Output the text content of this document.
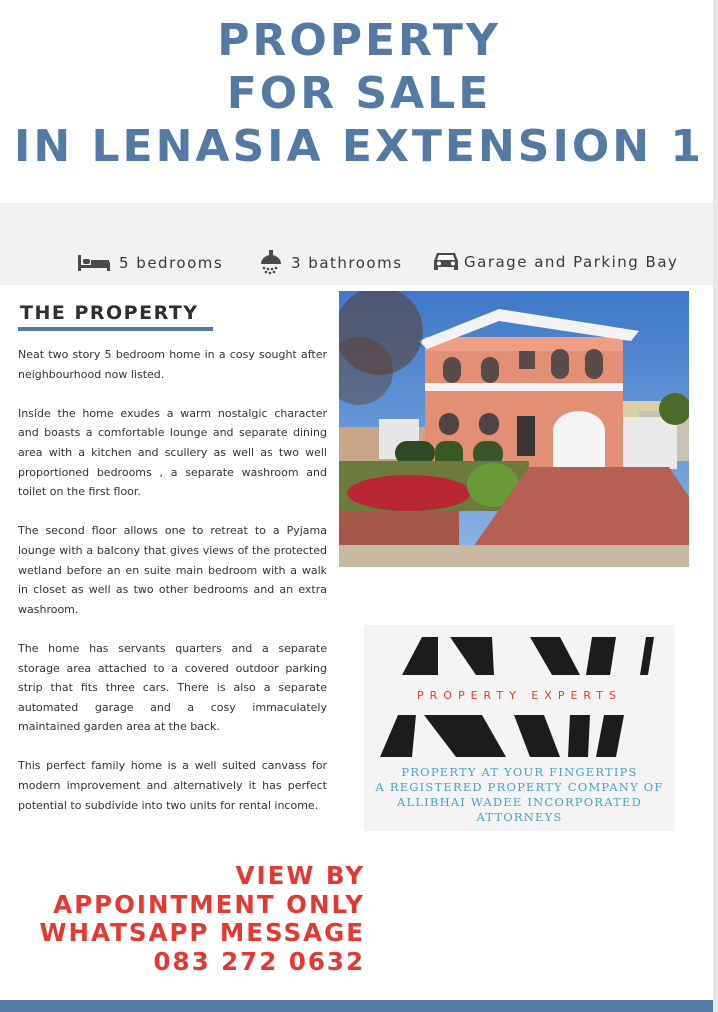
PROPERTY
FOR SALE
IN LENASIA EXTENSION 1
5 bedrooms	3 bathrooms	Garage and Parking Bay
THE PROPERTY

Neat two story 5 bedroom home in a cosy sought after neighbourhood now listed.

Inside the home exudes a warm nostalgic character and boasts a comfortable lounge and separate dining area with a kitchen and scullery as well as two well proportioned bedrooms , a separate washroom and toilet on the first floor.

The second floor allows one to retreat to a Pyjama lounge with a balcony that gives views of the protected wetland before an en suite main bedroom with a walk in closet as well as two other bedrooms and an extra washroom.

The home has servants quarters and a separate storage area attached to a covered outdoor parking strip that fits three cars. There is also a separate automated garage and a cosy immaculately maintained garden area at the back.

This perfect family home is a well suited canvass for modern improvement and alternatively it has perfect potential to subdivide into two units for rental income.

PROPERTY EXPERTS
PROPERTY AT YOUR FINGERTIPS
A REGISTERED PROPERTY COMPANY OF
ALLIBHAI WADEE INCORPORATED
ATTORNEYS
VIEW BY
APPOINTMENT ONLY
WHATSAPP MESSAGE
083 272 0632
